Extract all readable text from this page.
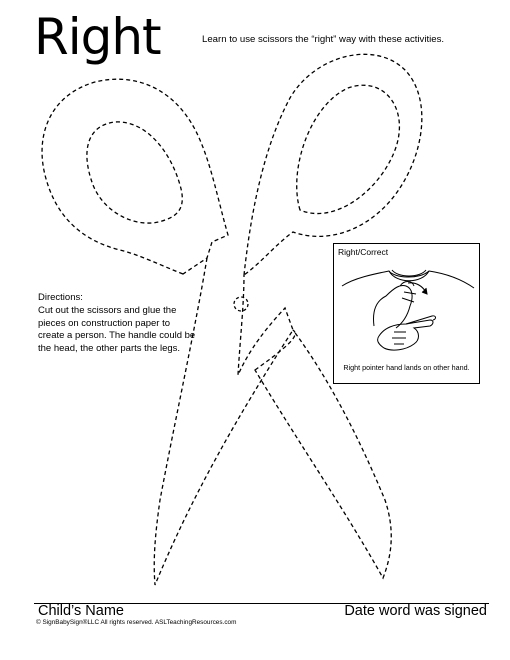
Right	Learn to use scissors the “right” way with these activities.
Directions:
Cut out the scissors and glue the
pieces on construction paper to
create a person. The handle could be
the head, the other parts the legs.
Right/Correct
Right pointer hand lands on other hand.
Child’s Name	Date word was signed
© SignBabySign®LLC All rights reserved. ASLTeachingResources.com
